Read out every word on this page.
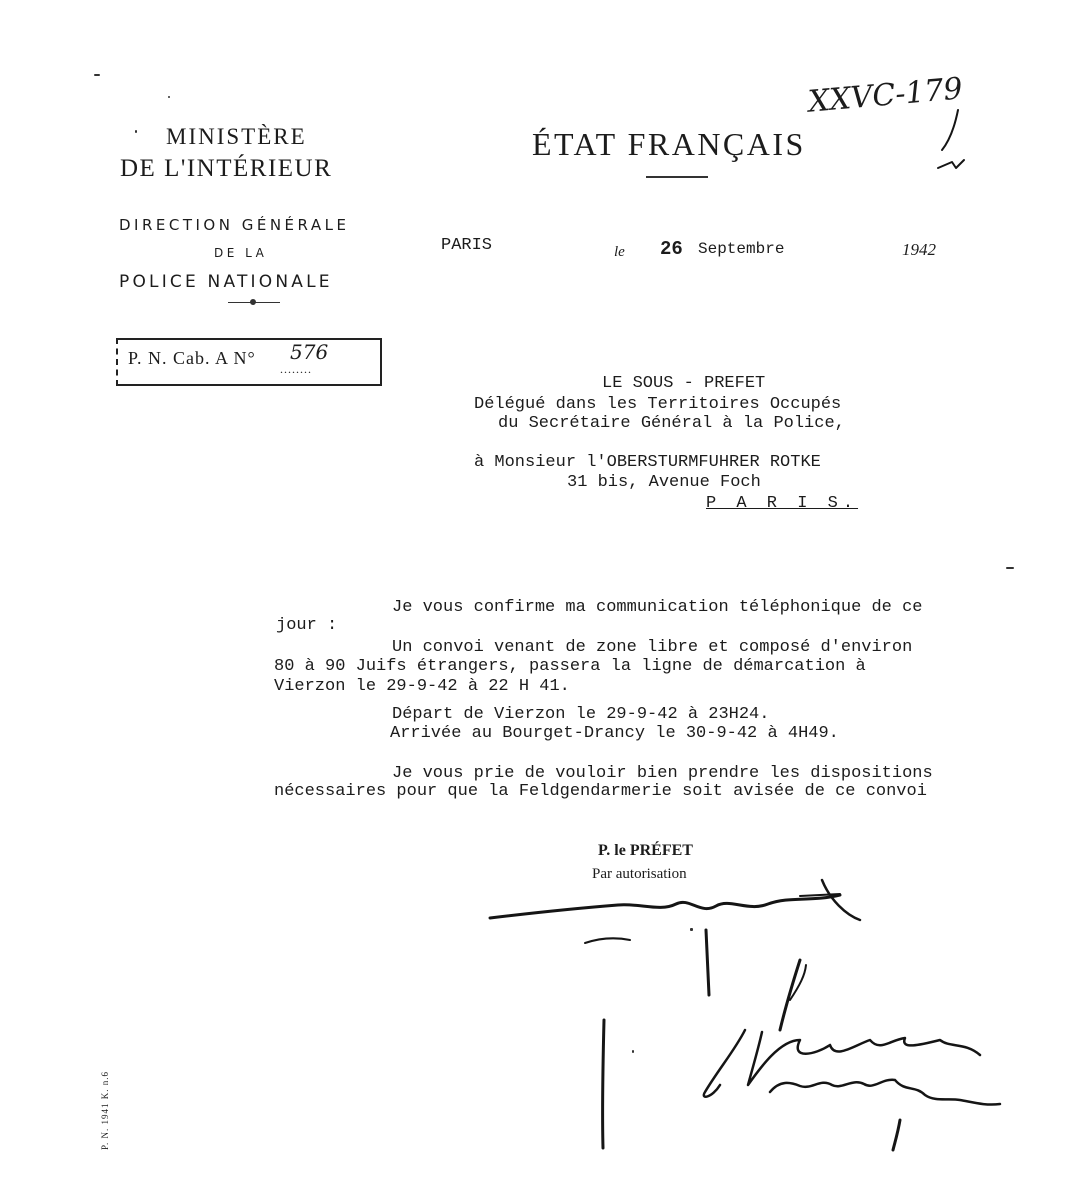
MINISTÈRE
DE L'INTÉRIEUR
DIRECTION GÉNÉRALE
DE LA
POLICE NATIONALE
ÉTAT FRANÇAIS
XXVC-179
P. N. Cab. A N° 576
........
PARIS	le 26 Septembre	1942
LE SOUS - PREFET
Délégué dans les Territoires Occupés
du Secrétaire Général à la Police,
à Monsieur l'OBERSTURMFUHRER ROTKE
31 bis, Avenue Foch
P A R I S.
Je vous confirme ma communication téléphonique de ce
jour :
Un convoi venant de zone libre et composé d'environ
80 à 90 Juifs étrangers, passera la ligne de démarcation à
Vierzon le 29-9-42 à 22 H 41.
Départ de Vierzon le 29-9-42 à 23H24.
Arrivée au Bourget-Drancy le 30-9-42 à 4H49.
Je vous prie de vouloir bien prendre les dispositions
nécessaires pour que la Feldgendarmerie soit avisée de ce convoi
P. le PRÉFET
Par autorisation
P. N. 1941 K. n.6
